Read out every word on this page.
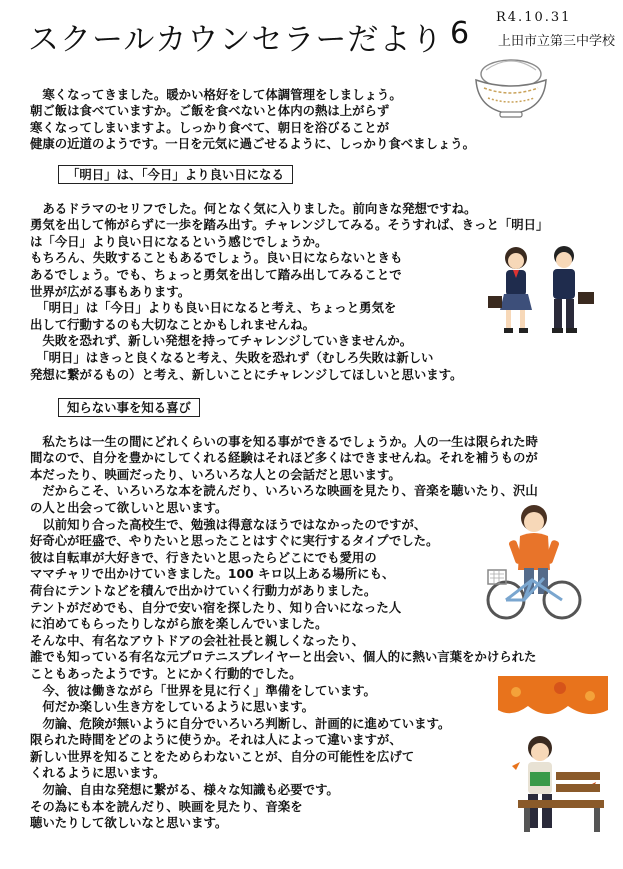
スクールカウンセラーだより 6 R4.10.31
上田市立第三中学校

　寒くなってきました。暖かい格好をして体調管理をしましょう。
朝ご飯は食べていますか。ご飯を食べないと体内の熱は上がらず
寒くなってしまいますよ。しっかり食べて、朝日を浴びることが
健康の近道のようです。一日を元気に過ごせるように、しっかり食べましょう。

「明日」は、「今日」より良い日になる

　あるドラマのセリフでした。何となく気に入りました。前向きな発想ですね。
勇気を出して怖がらずに一歩を踏み出す。チャレンジしてみる。そうすれば、きっと「明日」
は「今日」より良い日になるという感じでしょうか。
もちろん、失敗することもあるでしょう。良い日にならないときも
あるでしょう。でも、ちょっと勇気を出して踏み出してみることで
世界が広がる事もあります。
　「明日」は「今日」よりも良い日になると考え、ちょっと勇気を
出して行動するのも大切なことかもしれませんね。
　失敗を恐れず、新しい発想を持ってチャレンジしていきませんか。
　「明日」はきっと良くなると考え、失敗を恐れず（むしろ失敗は新しい
発想に繋がるもの）と考え、新しいことにチャレンジしてほしいと思います。

知らない事を知る喜び

　私たちは一生の間にどれくらいの事を知る事ができるでしょうか。人の一生は限られた時
間なので、自分を豊かにしてくれる経験はそれほど多くはできませんね。それを補うものが
本だったり、映画だったり、いろいろな人との会話だと思います。
　だからこそ、いろいろな本を読んだり、いろいろな映画を見たり、音楽を聴いたり、沢山
の人と出会って欲しいと思います。
　以前知り合った高校生で、勉強は得意なほうではなかったのですが、
好奇心が旺盛で、やりたいと思ったことはすぐに実行するタイプでした。
彼は自転車が大好きで、行きたいと思ったらどこにでも愛用の
ママチャリで出かけていきました。100 キロ以上ある場所にも、
荷台にテントなどを積んで出かけていく行動力がありました。
テントがだめでも、自分で安い宿を探したり、知り合いになった人
に泊めてもらったりしながら旅を楽しんでいました。
そんな中、有名なアウトドアの会社社長と親しくなったり、
誰でも知っている有名な元プロテニスプレイヤーと出会い、個人的に熱い言葉をかけられた
こともあったようです。とにかく行動的でした。
　今、彼は働きながら「世界を見に行く」準備をしています。
　何だか楽しい生き方をしているように思います。
　勿論、危険が無いように自分でいろいろ判断し、計画的に進めています。
限られた時間をどのように使うか。それは人によって違いますが、
新しい世界を知ることをためらわないことが、自分の可能性を広げて
くれるように思います。
　勿論、自由な発想に繋がる、様々な知識も必要です。
その為にも本を読んだり、映画を見たり、音楽を
聴いたりして欲しいなと思います。
